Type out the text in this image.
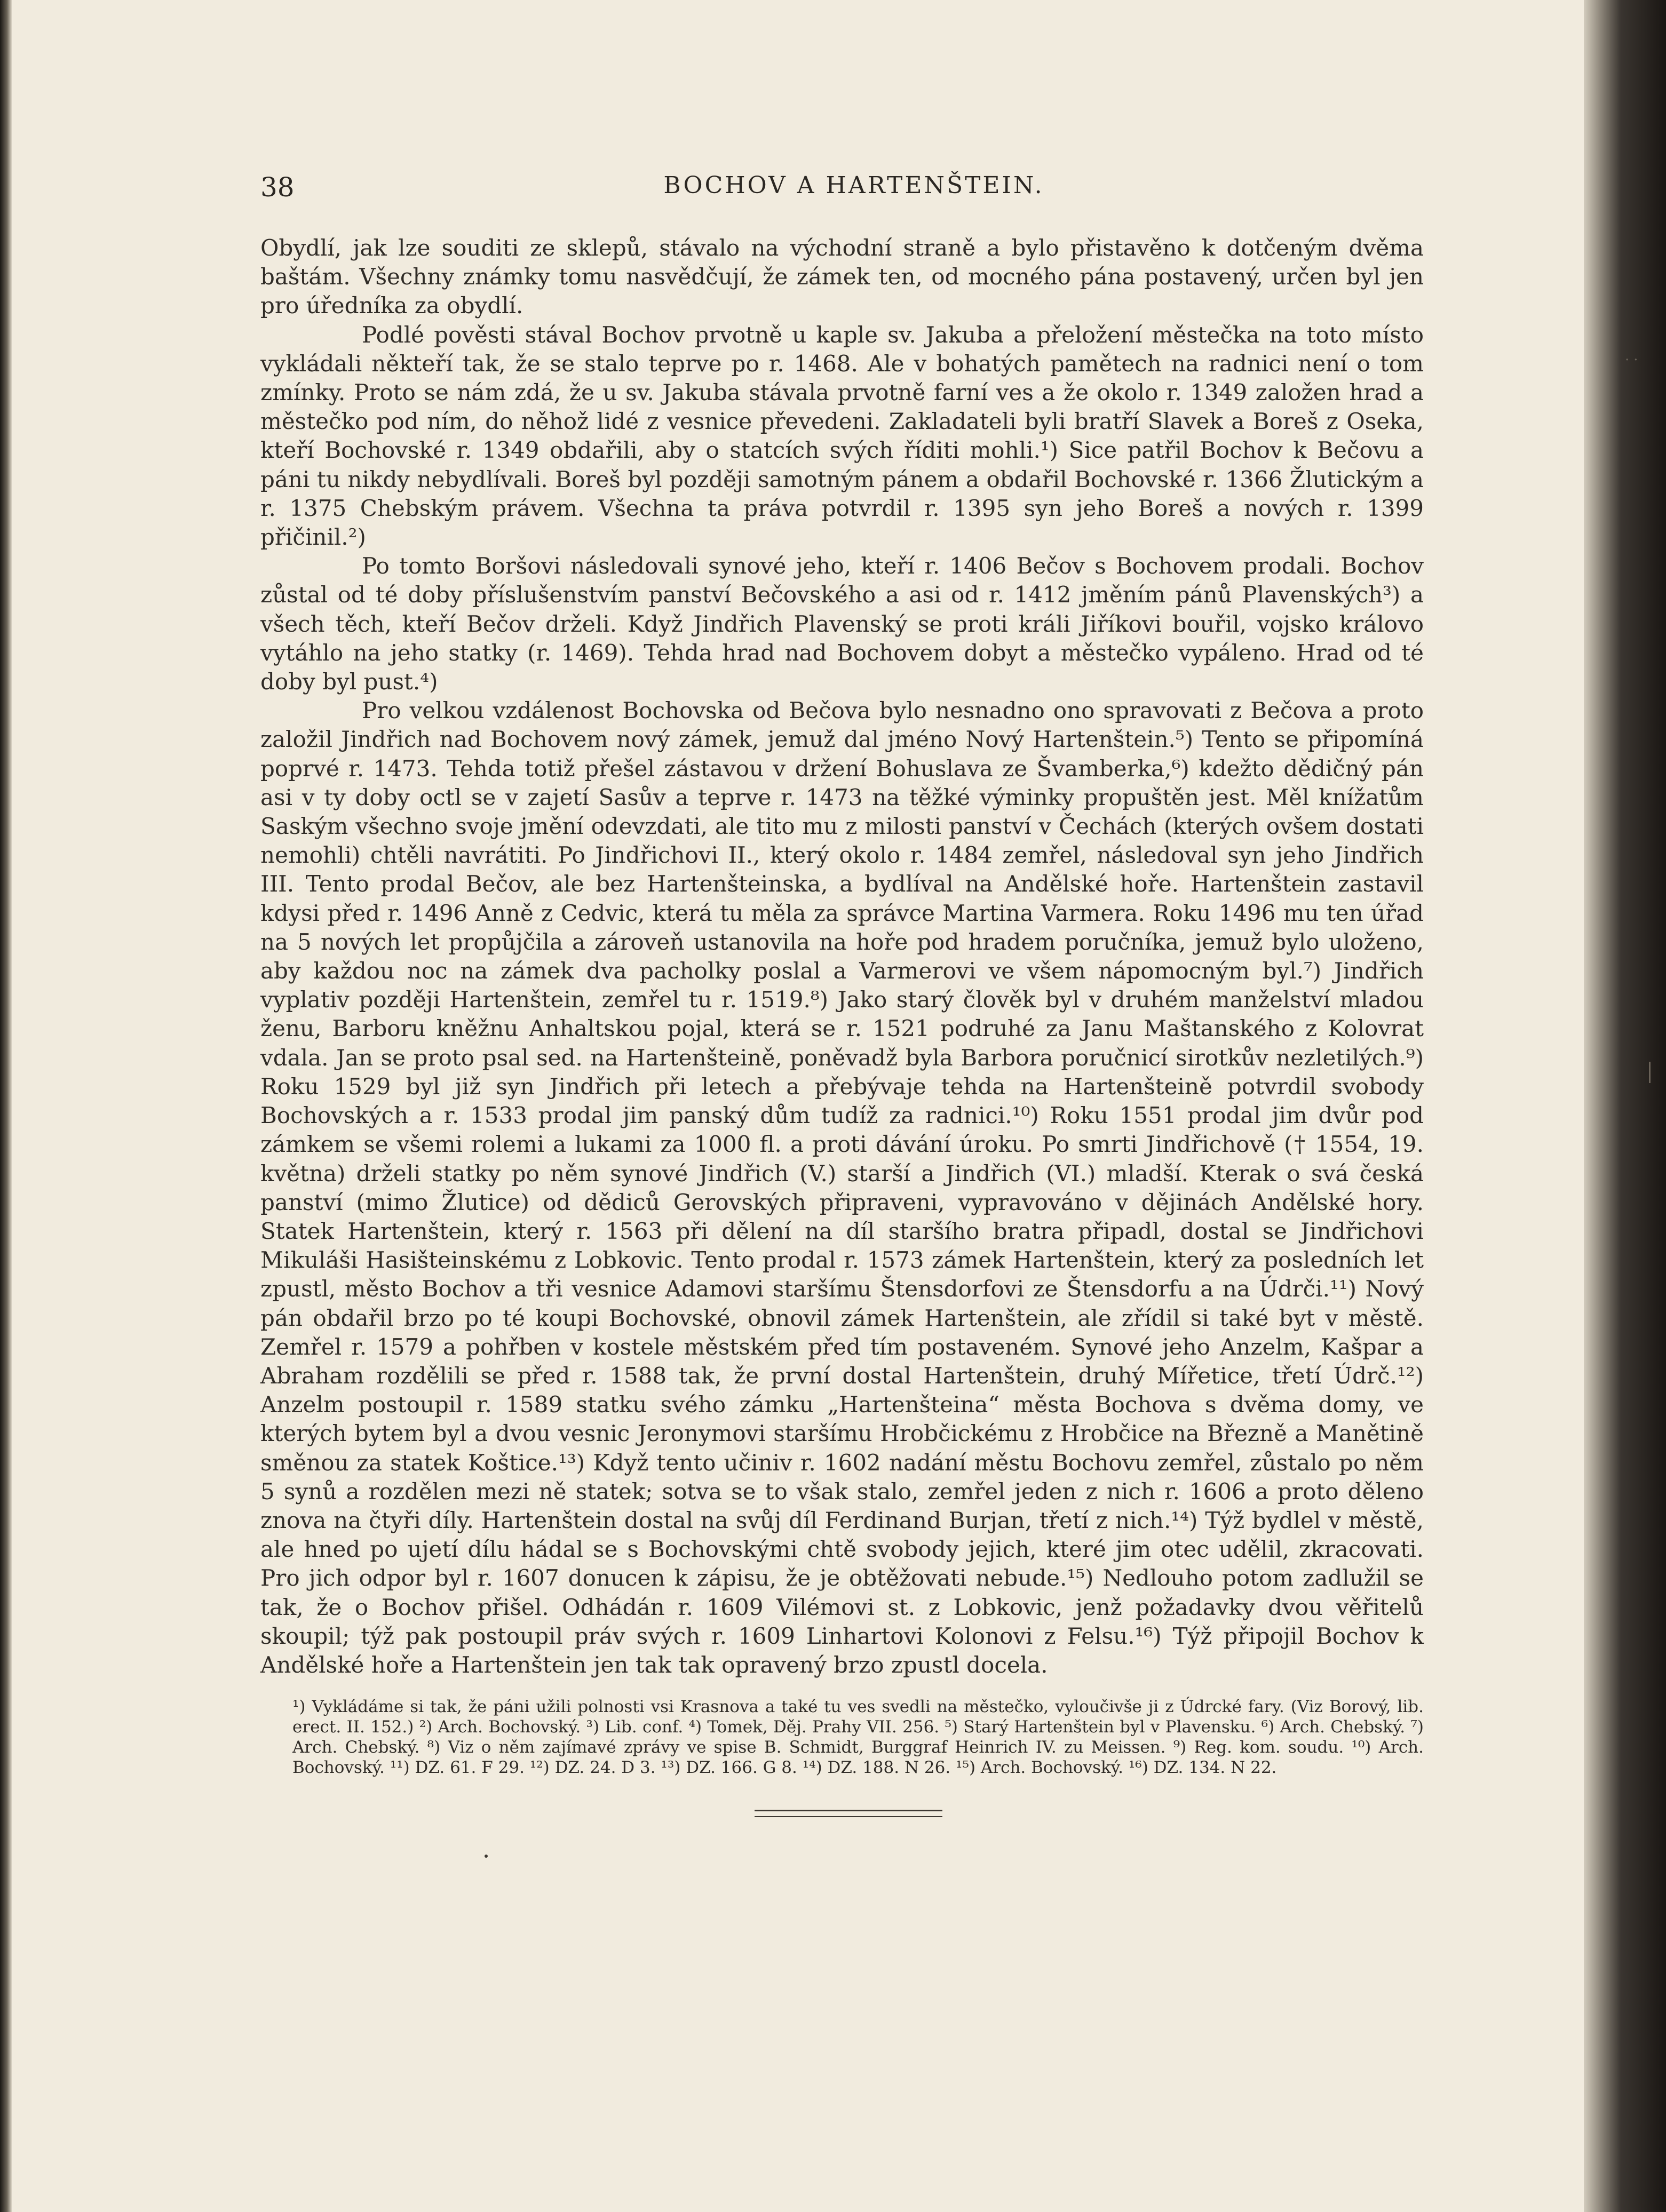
38	BOCHOV A HARTENŠTEIN.

Obydlí, jak lze souditi ze sklepů, stávalo na východní straně a bylo přistavěno k dotčeným dvěma baštám. Všechny známky tomu nasvědčují, že zámek ten, od mocného pána postavený, určen byl jen pro úředníka za obydlí.

Podlé pověsti stával Bochov prvotně u kaple sv. Jakuba a přeložení městečka na toto místo vykládali někteří tak, že se stalo teprve po r. 1468. Ale v bohatých pamětech na radnici není o tom zmínky. Proto se nám zdá, že u sv. Jakuba stávala prvotně farní ves a že okolo r. 1349 založen hrad a městečko pod ním, do něhož lidé z vesnice převedeni. Zakladateli byli bratří Slavek a Boreš z Oseka, kteří Bochovské r. 1349 obdařili, aby o statcích svých říditi mohli.¹) Sice patřil Bochov k Bečovu a páni tu nikdy nebydlívali. Boreš byl později samotným pánem a obdařil Bochovské r. 1366 Žlutickým a r. 1375 Chebským právem. Všechna ta práva potvrdil r. 1395 syn jeho Boreš a nových r. 1399 přičinil.²)

Po tomto Boršovi následovali synové jeho, kteří r. 1406 Bečov s Bochovem prodali. Bochov zůstal od té doby příslušenstvím panství Bečovského a asi od r. 1412 jměním pánů Plavenských³) a všech těch, kteří Bečov drželi. Když Jindřich Plavenský se proti králi Jiříkovi bouřil, vojsko královo vytáhlo na jeho statky (r. 1469). Tehda hrad nad Bochovem dobyt a městečko vypáleno. Hrad od té doby byl pust.⁴)

Pro velkou vzdálenost Bochovska od Bečova bylo nesnadno ono spravovati z Bečova a proto založil Jindřich nad Bochovem nový zámek, jemuž dal jméno Nový Hartenštein.⁵) Tento se připomíná poprvé r. 1473. Tehda totiž přešel zástavou v držení Bohuslava ze Švamberka,⁶) kdežto dědičný pán asi v ty doby octl se v zajetí Sasův a teprve r. 1473 na těžké výminky propuštěn jest. Měl knížatům Saským všechno svoje jmění odevzdati, ale tito mu z milosti panství v Čechách (kterých ovšem dostati nemohli) chtěli navrátiti. Po Jindřichovi II., který okolo r. 1484 zemřel, následoval syn jeho Jindřich III. Tento prodal Bečov, ale bez Hartenšteinska, a bydlíval na Andělské hoře. Hartenštein zastavil kdysi před r. 1496 Anně z Cedvic, která tu měla za správce Martina Varmera. Roku 1496 mu ten úřad na 5 nových let propůjčila a zároveň ustanovila na hoře pod hradem poručníka, jemuž bylo uloženo, aby každou noc na zámek dva pacholky poslal a Varmerovi ve všem nápomocným byl.⁷) Jindřich vyplativ později Hartenštein, zemřel tu r. 1519.⁸) Jako starý člověk byl v druhém manželství mladou ženu, Barboru kněžnu Anhaltskou pojal, která se r. 1521 podruhé za Janu Maštanského z Kolovrat vdala. Jan se proto psal sed. na Hartenšteině, poněvadž byla Barbora poručnicí sirotkův nezletilých.⁹) Roku 1529 byl již syn Jindřich při letech a přebývaje tehda na Hartenšteině potvrdil svobody Bochovských a r. 1533 prodal jim panský dům tudíž za radnici.¹⁰) Roku 1551 prodal jim dvůr pod zámkem se všemi rolemi a lukami za 1000 fl. a proti dávání úroku. Po smrti Jindřichově († 1554, 19. května) drželi statky po něm synové Jindřich (V.) starší a Jindřich (VI.) mladší. Kterak o svá česká panství (mimo Žlutice) od dědiců Gerovských připraveni, vypravováno v dějinách Andělské hory. Statek Hartenštein, který r. 1563 při dělení na díl staršího bratra připadl, dostal se Jindřichovi Mikuláši Hasišteinskému z Lobkovic. Tento prodal r. 1573 zámek Hartenštein, který za posledních let zpustl, město Bochov a tři vesnice Adamovi staršímu Štensdorfovi ze Štensdorfu a na Údrči.¹¹) Nový pán obdařil brzo po té koupi Bochovské, obnovil zámek Hartenštein, ale zřídil si také byt v městě. Zemřel r. 1579 a pohřben v kostele městském před tím postaveném. Synové jeho Anzelm, Kašpar a Abraham rozdělili se před r. 1588 tak, že první dostal Hartenštein, druhý Mířetice, třetí Údrč.¹²) Anzelm postoupil r. 1589 statku svého zámku „Hartenšteina“ města Bochova s dvěma domy, ve kterých bytem byl a dvou vesnic Jeronymovi staršímu Hrobčickému z Hrobčice na Březně a Manětině směnou za statek Koštice.¹³) Když tento učiniv r. 1602 nadání městu Bochovu zemřel, zůstalo po něm 5 synů a rozdělen mezi ně statek; sotva se to však stalo, zemřel jeden z nich r. 1606 a proto děleno znova na čtyři díly. Hartenštein dostal na svůj díl Ferdinand Burjan, třetí z nich.¹⁴) Týž bydlel v městě, ale hned po ujetí dílu hádal se s Bochovskými chtě svobody jejich, které jim otec udělil, zkracovati. Pro jich odpor byl r. 1607 donucen k zápisu, že je obtěžovati nebude.¹⁵) Nedlouho potom zadlužil se tak, že o Bochov přišel. Odhádán r. 1609 Vilémovi st. z Lobkovic, jenž požadavky dvou věřitelů skoupil; týž pak postoupil práv svých r. 1609 Linhartovi Kolonovi z Felsu.¹⁶) Týž připojil Bochov k Andělské hoře a Hartenštein jen tak tak opravený brzo zpustl docela.

¹) Vykládáme si tak, že páni užili polnosti vsi Krasnova a také tu ves svedli na městečko, vyloučivše ji z Údrcké fary. (Viz Borový, lib. erect. II. 152.) ²) Arch. Bochovský. ³) Lib. conf. ⁴) Tomek, Děj. Prahy VII. 256. ⁵) Starý Hartenštein byl v Plavensku. ⁶) Arch. Chebský. ⁷) Arch. Chebský. ⁸) Viz o něm zajímavé zprávy ve spise B. Schmidt, Burggraf Heinrich IV. zu Meissen. ⁹) Reg. kom. soudu. ¹⁰) Arch. Bochovský. ¹¹) DZ. 61. F 29. ¹²) DZ. 24. D 3. ¹³) DZ. 166. G 8. ¹⁴) DZ. 188. N 26. ¹⁵) Arch. Bochovský. ¹⁶) DZ. 134. N 22.
··
